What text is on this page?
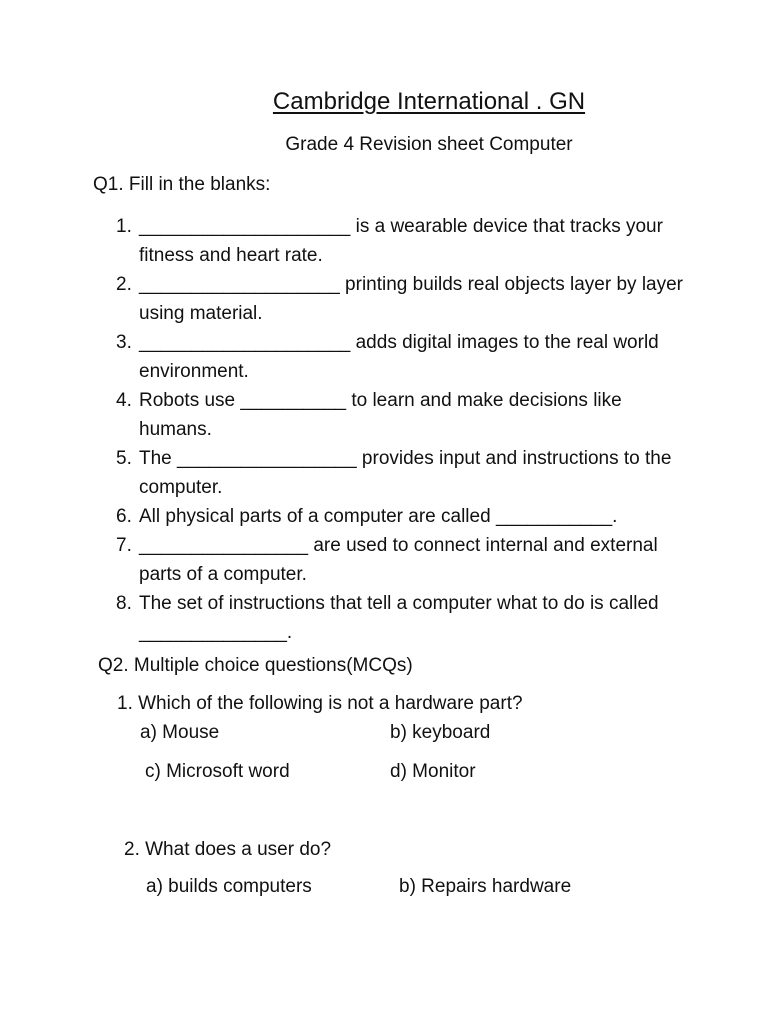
Cambridge International . GN
Grade 4 Revision sheet Computer
Q1. Fill in the blanks:
1. ____________________ is a wearable device that tracks your fitness and heart rate.
2. ___________________ printing builds real objects layer by layer using material.
3. ____________________ adds digital images to the real world environment.
4. Robots use __________ to learn and make decisions like humans.
5. The _________________ provides input and instructions to the computer.
6. All physical parts of a computer are called ___________.
7. ________________ are used to connect internal and external parts of a computer.
8. The set of instructions that tell a computer what to do is called ______________.
Q2. Multiple choice questions(MCQs)
1. Which of the following is not a hardware part?
a) Mouse	b) keyboard
c) Microsoft word	d) Monitor
2. What does a user do?
a) builds computers	b) Repairs hardware
